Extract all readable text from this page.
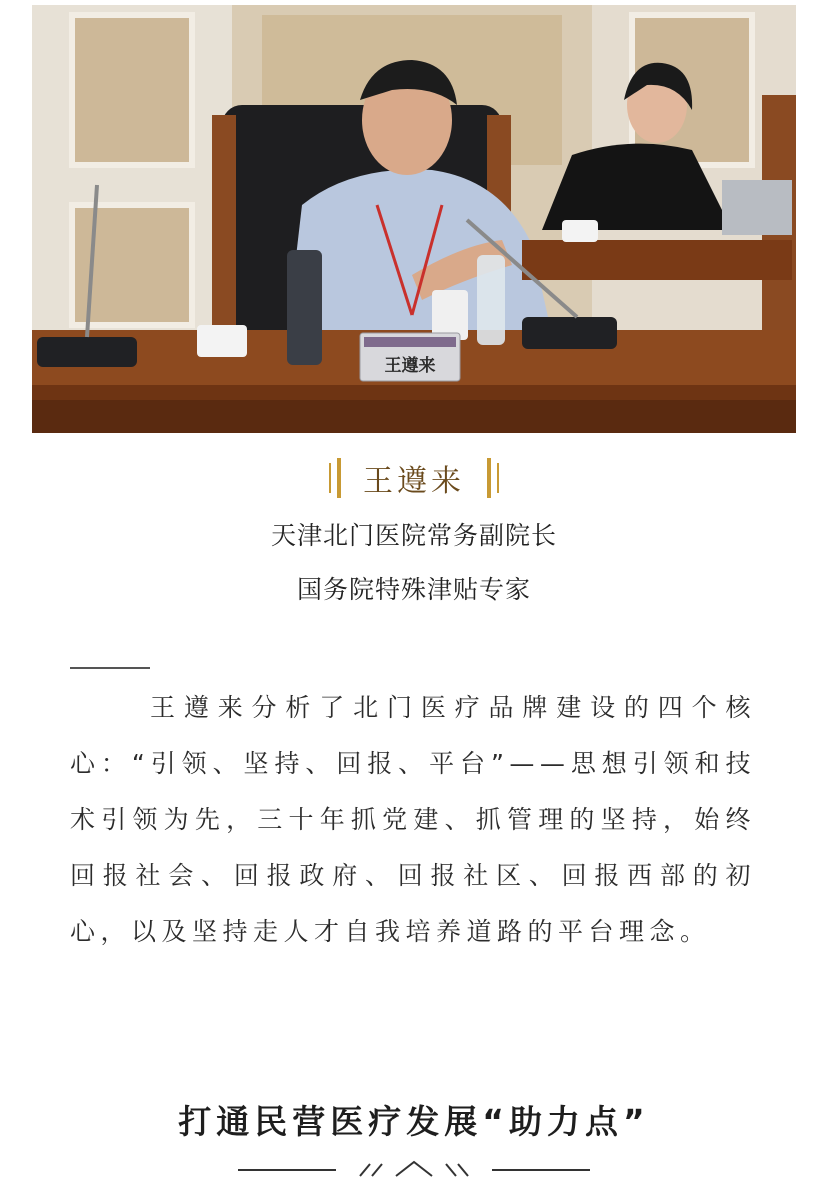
王遵来
王遵来
天津北门医院常务副院长
国务院特殊津贴专家
王遵来分析了北门医疗品牌建设的四个核心：“引领、坚持、回报、平台”——思想引领和技术引领为先，三十年抓党建、抓管理的坚持，始终回报社会、回报政府、回报社区、回报西部的初心，以及坚持走人才自我培养道路的平台理念。
打通民营医疗发展“助力点”
